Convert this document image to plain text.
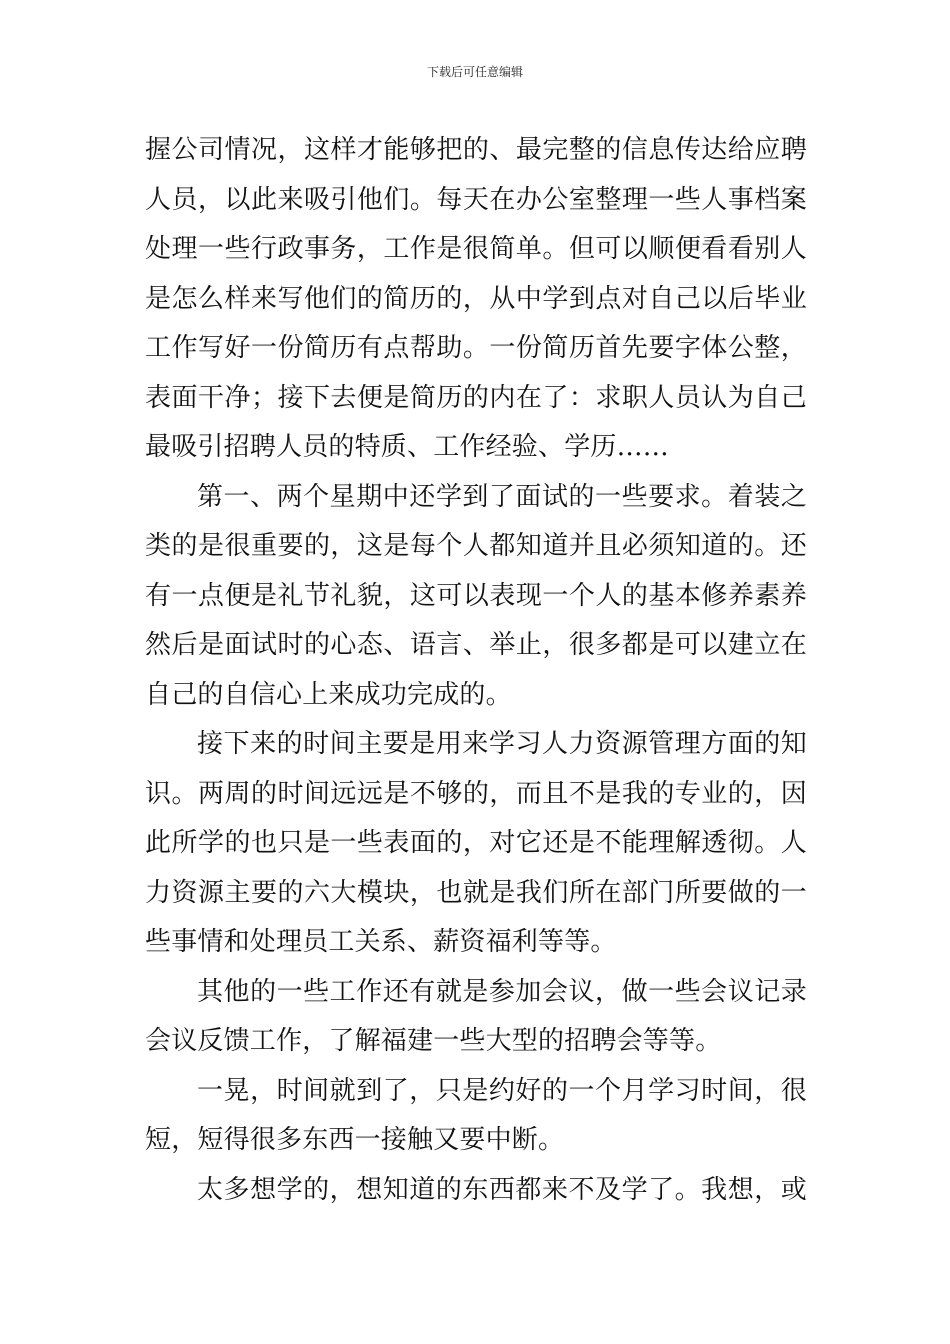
下载后可任意编辑
握公司情况，这样才能够把的、最完整的信息传达给应聘
人员，以此来吸引他们。每天在办公室整理一些人事档案
处理一些行政事务，工作是很简单。但可以顺便看看别人
是怎么样来写他们的简历的，从中学到点对自己以后毕业
工作写好一份简历有点帮助。一份简历首先要字体公整，
表面干净；接下去便是简历的内在了：求职人员认为自己
最吸引招聘人员的特质、工作经验、学历……
第一、两个星期中还学到了面试的一些要求。着装之
类的是很重要的，这是每个人都知道并且必须知道的。还
有一点便是礼节礼貌，这可以表现一个人的基本修养素养
然后是面试时的心态、语言、举止，很多都是可以建立在
自己的自信心上来成功完成的。
接下来的时间主要是用来学习人力资源管理方面的知
识。两周的时间远远是不够的，而且不是我的专业的，因
此所学的也只是一些表面的，对它还是不能理解透彻。人
力资源主要的六大模块，也就是我们所在部门所要做的一
些事情和处理员工关系、薪资福利等等。
其他的一些工作还有就是参加会议，做一些会议记录
会议反馈工作，了解福建一些大型的招聘会等等。
一晃，时间就到了，只是约好的一个月学习时间，很
短，短得很多东西一接触又要中断。
太多想学的，想知道的东西都来不及学了。我想，或
